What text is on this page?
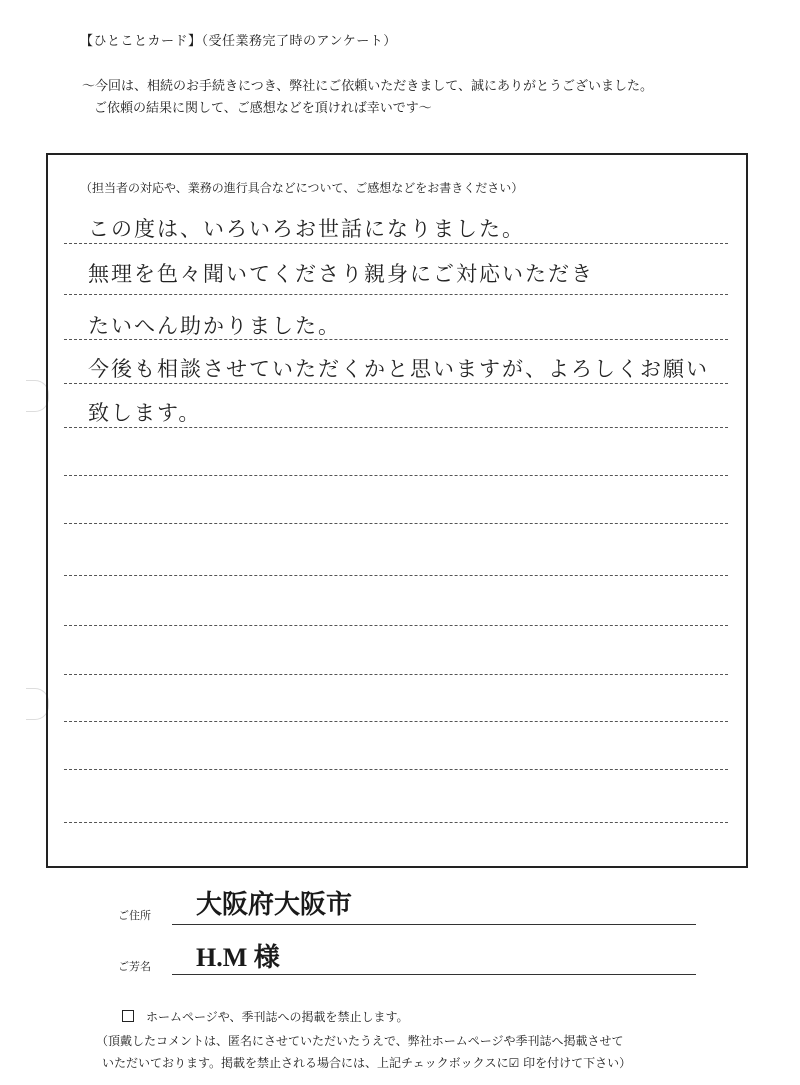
【ひとことカード】（受任業務完了時のアンケート）
～今回は、相続のお手続きにつき、弊社にご依頼いただきまして、誠にありがとうございました。
ご依頼の結果に関して、ご感想などを頂ければ幸いです～
（担当者の対応や、業務の進行具合などについて、ご感想などをお書きください）
この度は、いろいろお世話になりました。
無理を色々聞いてくださり親身にご対応いただき
たいへん助かりました。
今後も相談させていただくかと思いますが、よろしくお願い
致します。
ご住所 大阪府大阪市
ご芳名 H.M 様
ホームページや、季刊誌への掲載を禁止します。
（頂戴したコメントは、匿名にさせていただいたうえで、弊社ホームページや季刊誌へ掲載させて
いただいております。掲載を禁止される場合には、上記チェックボックスに☑ 印を付けて下さい）
